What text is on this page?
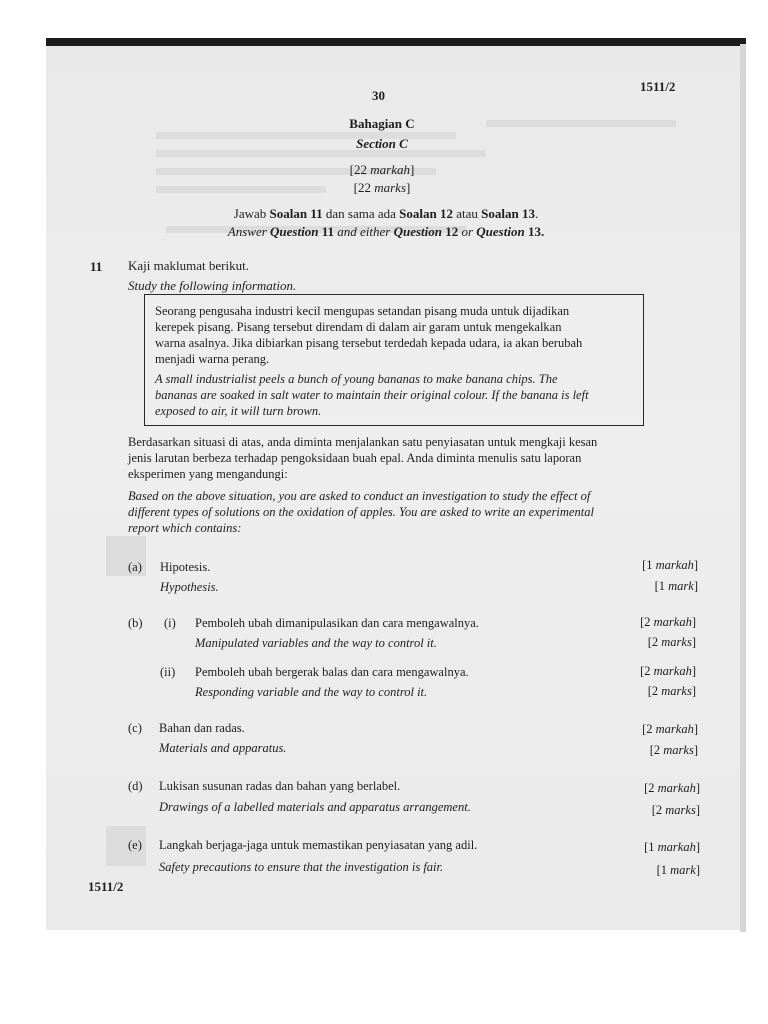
30
1511/2
Bahagian C
Section C
[22 markah]
[22 marks]
Jawab Soalan 11 dan sama ada Soalan 12 atau Soalan 13.
Answer Question 11 and either Question 12 or Question 13.
11 Kaji maklumat berikut.
Study the following information.
Seorang pengusaha industri kecil mengupas setandan pisang muda untuk dijadikan
kerepek pisang. Pisang tersebut direndam di dalam air garam untuk mengekalkan
warna asalnya. Jika dibiarkan pisang tersebut terdedah kepada udara, ia akan berubah
menjadi warna perang.
A small industrialist peels a bunch of young bananas to make banana chips. The
bananas are soaked in salt water to maintain their original colour. If the banana is left
exposed to air, it will turn brown.
Berdasarkan situasi di atas, anda diminta menjalankan satu penyiasatan untuk mengkaji kesan
jenis larutan berbeza terhadap pengoksidaan buah epal. Anda diminta menulis satu laporan
eksperimen yang mengandungi:
Based on the above situation, you are asked to conduct an investigation to study the effect of
different types of solutions on the oxidation of apples. You are asked to write an experimental
report which contains:
(a) Hipotesis.
Hypothesis.
[1 markah]
[1 mark]
(b) (i) Pemboleh ubah dimanipulasikan dan cara mengawalnya.
Manipulated variables and the way to control it.
[2 markah]
[2 marks]
(ii) Pemboleh ubah bergerak balas dan cara mengawalnya.
Responding variable and the way to control it.
[2 markah]
[2 marks]
(c) Bahan dan radas.
Materials and apparatus.
[2 markah]
[2 marks]
(d) Lukisan susunan radas dan bahan yang berlabel.
Drawings of a labelled materials and apparatus arrangement.
[2 markah]
[2 marks]
(e) Langkah berjaga-jaga untuk memastikan penyiasatan yang adil.
Safety precautions to ensure that the investigation is fair.
[1 markah]
[1 mark]
1511/2
